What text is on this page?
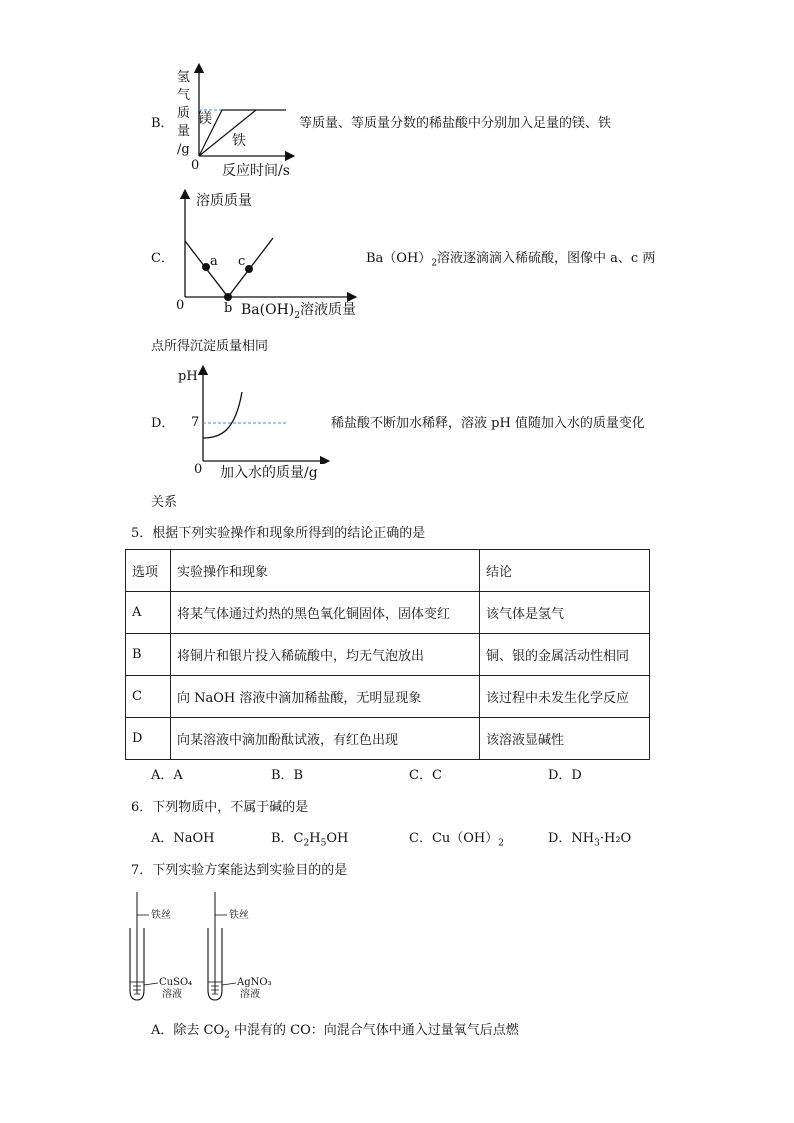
B．
氢
气
质
量
/g
0 反应时间/s
镁
铁
等质量、等质量分数的稀盐酸中分别加入足量的镁、铁
C．
溶质质量
0
a
b
c
$Ba(OH)_2$溶液质量
$Ba(OH)_2$溶液逐滴滴入稀硫酸，图像中 a、c 两
点所得沉淀质量相同
D．
pH
7
0 加入水的质量/g
稀盐酸不断加水稀释，溶液 pH 值随加入水的质量变化
关系
5．根据下列实验操作和现象所得到的结论正确的是
选项	实验操作和现象	结论
A	将某气体通过灼热的黑色氧化铜固体，固体变红	该气体是氢气
B	将铜片和银片投入稀硫酸中，均无气泡放出	铜、银的金属活动性相同
C	向 NaOH 溶液中滴加稀盐酸，无明显现象	该过程中未发生化学反应
D	向某溶液中滴加酚酞试液，有红色出现	该溶液显碱性
A．A	B．B	C．C	D．D
6．下列物质中，不属于碱的是
A．NaOH	B．$C_2H_5OH$	C．$Cu(OH)_2$	D．$NH_3\cdot H_2O$
7．下列实验方案能达到实验目的的是
铁丝	铁丝
CuSO₄
溶液
AgNO₃
溶液
A．除去 $CO_2$ 中混有的 CO：向混合气体中通入过量氧气后点燃
